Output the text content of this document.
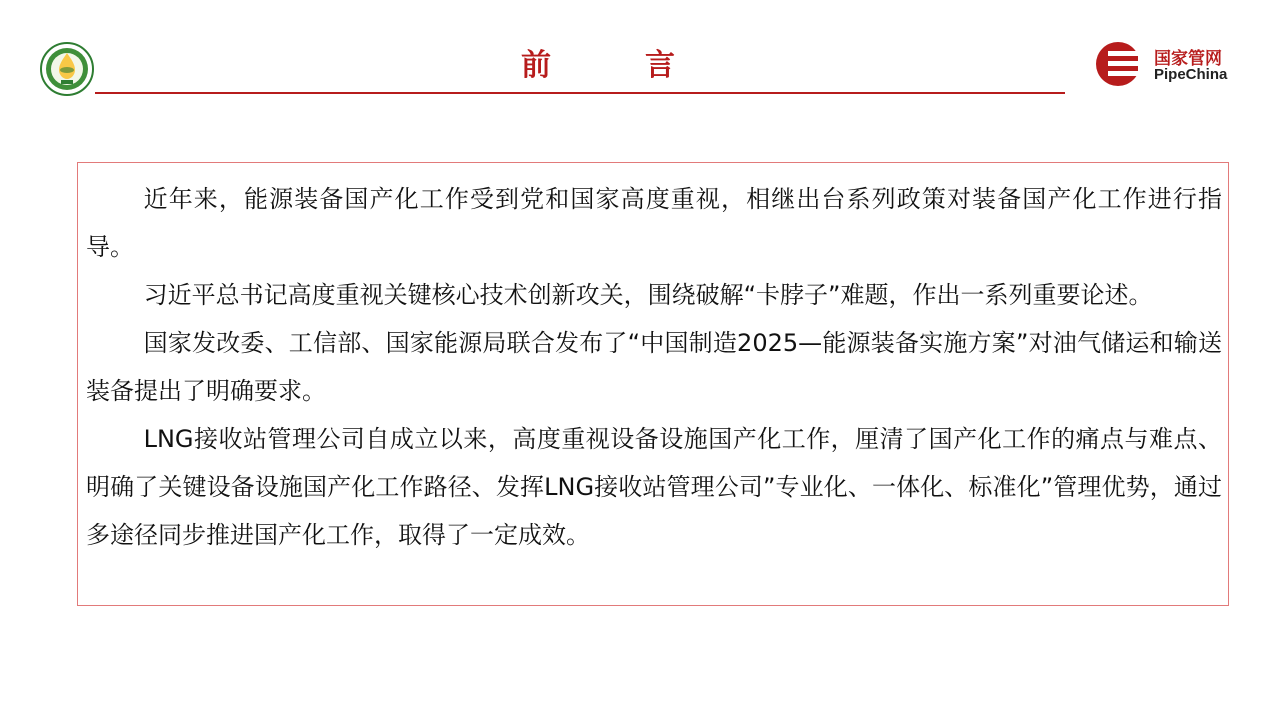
前　言	国家管网
PipeChina

近年来，能源装备国产化工作受到党和国家高度重视，相继出台系列政策对装备国产化工作进行指导。

习近平总书记高度重视关键核心技术创新攻关，围绕破解“卡脖子”难题，作出一系列重要论述。

国家发改委、工信部、国家能源局联合发布了“中国制造2025—能源装备实施方案”对油气储运和输送装备提出了明确要求。

LNG接收站管理公司自成立以来，高度重视设备设施国产化工作，厘清了国产化工作的痛点与难点、明确了关键设备设施国产化工作路径、发挥LNG接收站管理公司”专业化、一体化、标准化”管理优势，通过多途径同步推进国产化工作，取得了一定成效。
